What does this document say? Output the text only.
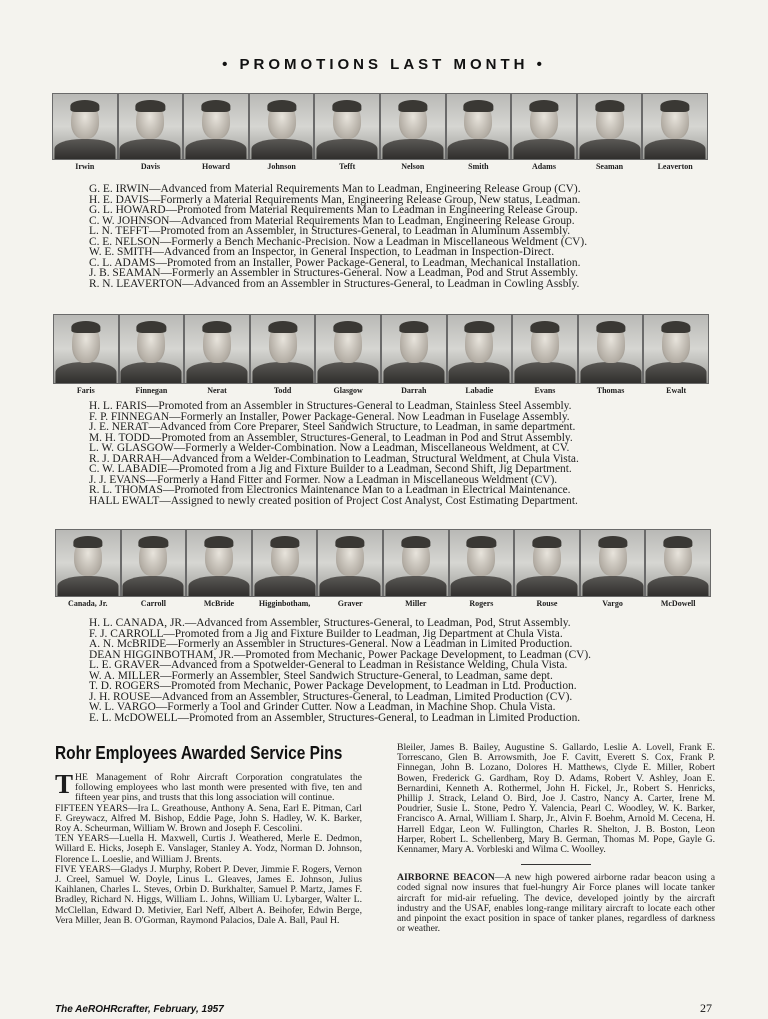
• PROMOTIONS LAST MONTH •
Irwin	Davis	Howard	Johnson	Tefft	Nelson	Smith	Adams	Seaman	Leaverton
G. E. IRWIN—Advanced from Material Requirements Man to Leadman, Engineering Release Group (CV).
H. E. DAVIS—Formerly a Material Requirements Man, Engineering Release Group, New status, Leadman.
G. L. HOWARD—Promoted from Material Requirements Man to Leadman in Engineering Release Group.
C. W. JOHNSON—Advanced from Material Requirements Man to Leadman, Engineering Release Group.
L. N. TEFFT—Promoted from an Assembler, in Structures-General, to Leadman in Aluminum Assembly.
C. E. NELSON—Formerly a Bench Mechanic-Precision. Now a Leadman in Miscellaneous Weldment (CV).
W. E. SMITH—Advanced from an Inspector, in General Inspection, to Leadman in Inspection-Direct.
C. L. ADAMS—Promoted from an Installer, Power Package-General, to Leadman, Mechanical Installation.
J. B. SEAMAN—Formerly an Assembler in Structures-General. Now a Leadman, Pod and Strut Assembly.
R. N. LEAVERTON—Advanced from an Assembler in Structures-General, to Leadman in Cowling Assbly.
Faris	Finnegan	Nerat	Todd	Glasgow	Darrah	Labadie	Evans	Thomas	Ewalt
H. L. FARIS—Promoted from an Assembler in Structures-General to Leadman, Stainless Steel Assembly.
F. P. FINNEGAN—Formerly an Installer, Power Package-General. Now Leadman in Fuselage Assembly.
J. E. NERAT—Advanced from Core Preparer, Steel Sandwich Structure, to Leadman, in same department.
M. H. TODD—Promoted from an Assembler, Structures-General, to Leadman in Pod and Strut Assembly.
L. W. GLASGOW—Formerly a Welder-Combination. Now a Leadman, Miscellaneous Weldment, at CV.
R. J. DARRAH—Advanced from a Welder-Combination to Leadman, Structural Weldment, at Chula Vista.
C. W. LABADIE—Promoted from a Jig and Fixture Builder to a Leadman, Second Shift, Jig Department.
J. J. EVANS—Formerly a Hand Fitter and Former. Now a Leadman in Miscellaneous Weldment (CV).
R. L. THOMAS—Promoted from Electronics Maintenance Man to a Leadman in Electrical Maintenance.
HALL EWALT—Assigned to newly created position of Project Cost Analyst, Cost Estimating Department.
Canada, Jr.	Carroll	McBride	Higginbotham,	Graver	Miller	Rogers	Rouse	Vargo	McDowell
H. L. CANADA, JR.—Advanced from Assembler, Structures-General, to Leadman, Pod, Strut Assembly.
F. J. CARROLL—Promoted from a Jig and Fixture Builder to Leadman, Jig Department at Chula Vista.
A. N. McBRIDE—Formerly an Assembler in Structures-General. Now a Leadman in Limited Production.
DEAN HIGGINBOTHAM, JR.—Promoted from Mechanic, Power Package Development, to Leadman (CV).
L. E. GRAVER—Advanced from a Spotwelder-General to Leadman in Resistance Welding, Chula Vista.
W. A. MILLER—Formerly an Assembler, Steel Sandwich Structure-General, to Leadman, same dept.
T. D. ROGERS—Promoted from Mechanic, Power Package Development, to Leadman in Ltd. Production.
J. H. ROUSE—Advanced from an Assembler, Structures-General, to Leadman, Limited Production (CV).
W. L. VARGO—Formerly a Tool and Grinder Cutter. Now a Leadman, in Machine Shop. Chula Vista.
E. L. McDOWELL—Promoted from an Assembler, Structures-General, to Leadman in Limited Production.
Rohr Employees Awarded Service Pins

THE Management of Rohr Aircraft Corporation congratulates the following employees who last month were presented with five, ten and fifteen year pins, and trusts that this long association will continue.

FIFTEEN YEARS—Ira L. Greathouse, Anthony A. Sena, Earl E. Pitman, Carl F. Greywacz, Alfred M. Bishop, Eddie Page, John S. Hadley, W. K. Barker, Roy A. Scheurman, William W. Brown and Joseph F. Cescolini.

TEN YEARS—Luella H. Maxwell, Curtis J. Weathered, Merle E. Dedmon, Willard E. Hicks, Joseph E. Vanslager, Stanley A. Yodz, Norman D. Johnson, Florence L. Loeslie, and William J. Brents.

FIVE YEARS—Gladys J. Murphy, Robert P. Dever, Jimmie F. Rogers, Vernon J. Creel, Samuel W. Doyle, Linus L. Gleaves, James E. Johnson, Julius Kaihlanen, Charles L. Steves, Orbin D. Burkhalter, Samuel P. Martz, James F. Bradley, Richard N. Higgs, William L. Johns, William U. Lybarger, Walter L. McClellan, Edward D. Metivier, Earl Neff, Albert A. Beihofer, Edwin Berge, Vera Miller, Jean B. O'Gorman, Raymond Palacios, Dale A. Ball, Paul H.

Bleiler, James B. Bailey, Augustine S. Gallardo, Leslie A. Lovell, Frank E. Torrescano, Glen B. Arrowsmith, Joe F. Cavitt, Everett S. Cox, Frank P. Finnegan, John B. Lozano, Dolores H. Matthews, Clyde E. Miller, Robert Bowen, Frederick G. Gardham, Roy D. Adams, Robert V. Ashley, Joan E. Bernardini, Kenneth A. Rothermel, John H. Fickel, Jr., Robert S. Henricks, Phillip J. Strack, Leland O. Bird, Joe J. Castro, Nancy A. Carter, Irene M. Poudrier, Susie L. Stone, Pedro Y. Valencia, Pearl C. Woodley, W. K. Barker, Francisco A. Arnal, William I. Sharp, Jr., Alvin F. Boehm, Arnold M. Cecena, H. Harrell Edgar, Leon W. Fullington, Charles R. Shelton, J. B. Boston, Leon Harper, Robert L. Schellenberg, Mary B. German, Thomas M. Pope, Gayle G. Kennamer, Mary A. Vorbleski and Wilma C. Woolley.

AIRBORNE BEACON—A new high powered airborne radar beacon using a coded signal now insures that fuel-hungry Air Force planes will locate tanker aircraft for mid-air refueling. The device, developed jointly by the aircraft industry and the USAF, enables long-range military aircraft to locate each other and pinpoint the exact position in space of tanker planes, regardless of darkness or weather.

The AeROHRcrafter, February, 1957	27
